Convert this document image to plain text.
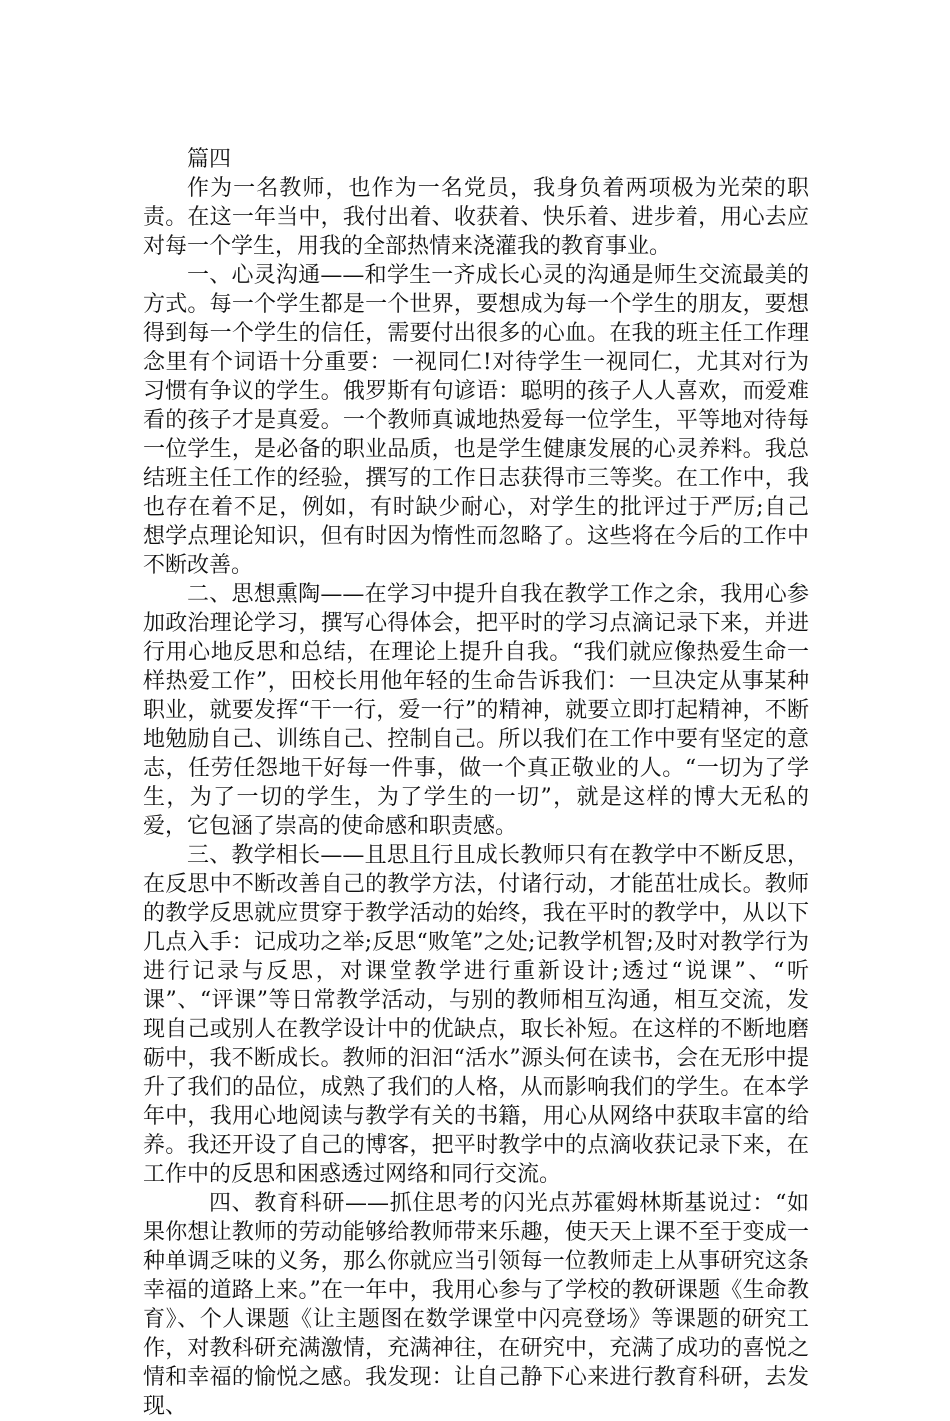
篇四

作为一名教师，也作为一名党员，我身负着两项极为光荣的职责。在这一年当中，我付出着、收获着、快乐着、进步着，用心去应对每一个学生，用我的全部热情来浇灌我的教育事业。

一、心灵沟通——和学生一齐成长心灵的沟通是师生交流最美的方式。每一个学生都是一个世界，要想成为每一个学生的朋友，要想得到每一个学生的信任，需要付出很多的心血。在我的班主任工作理念里有个词语十分重要：一视同仁!对待学生一视同仁，尤其对行为习惯有争议的学生。俄罗斯有句谚语：聪明的孩子人人喜欢，而爱难看的孩子才是真爱。一个教师真诚地热爱每一位学生，平等地对待每一位学生，是必备的职业品质，也是学生健康发展的心灵养料。我总结班主任工作的经验，撰写的工作日志获得市三等奖。在工作中，我也存在着不足，例如，有时缺少耐心，对学生的批评过于严厉;自己想学点理论知识，但有时因为惰性而忽略了。这些将在今后的工作中不断改善。

二、思想熏陶——在学习中提升自我在教学工作之余，我用心参加政治理论学习，撰写心得体会，把平时的学习点滴记录下来，并进行用心地反思和总结，在理论上提升自我。“我们就应像热爱生命一样热爱工作”，田校长用他年轻的生命告诉我们：一旦决定从事某种职业，就要发挥“干一行，爱一行”的精神，就要立即打起精神，不断地勉励自己、训练自己、控制自己。所以我们在工作中要有坚定的意志，任劳任怨地干好每一件事，做一个真正敬业的人。“一切为了学生，为了一切的学生，为了学生的一切”，就是这样的博大无私的爱，它包涵了崇高的使命感和职责感。

三、教学相长——且思且行且成长教师只有在教学中不断反思，在反思中不断改善自己的教学方法，付诸行动，才能茁壮成长。教师的教学反思就应贯穿于教学活动的始终，我在平时的教学中，从以下几点入手：记成功之举;反思“败笔”之处;记教学机智;及时对教学行为进行记录与反思，对课堂教学进行重新设计;透过“说课”、“听课”、“评课”等日常教学活动，与别的教师相互沟通，相互交流，发现自己或别人在教学设计中的优缺点，取长补短。在这样的不断地磨砺中，我不断成长。教师的汩汩“活水”源头何在读书，会在无形中提升了我们的品位，成熟了我们的人格，从而影响我们的学生。在本学年中，我用心地阅读与教学有关的书籍，用心从网络中获取丰富的给养。我还开设了自己的博客，把平时教学中的点滴收获记录下来，在工作中的反思和困惑透过网络和同行交流。

四、教育科研——抓住思考的闪光点苏霍姆林斯基说过：“如果你想让教师的劳动能够给教师带来乐趣，使天天上课不至于变成一种单调乏味的义务，那么你就应当引领每一位教师走上从事研究这条幸福的道路上来。”在一年中，我用心参与了学校的教研课题《生命教育》、个人课题《让主题图在数学课堂中闪亮登场》等课题的研究工作，对教科研充满激情，充满神往，在研究中，充满了成功的喜悦之情和幸福的愉悦之感。我发现：让自己静下心来进行教育科研，去发现、
